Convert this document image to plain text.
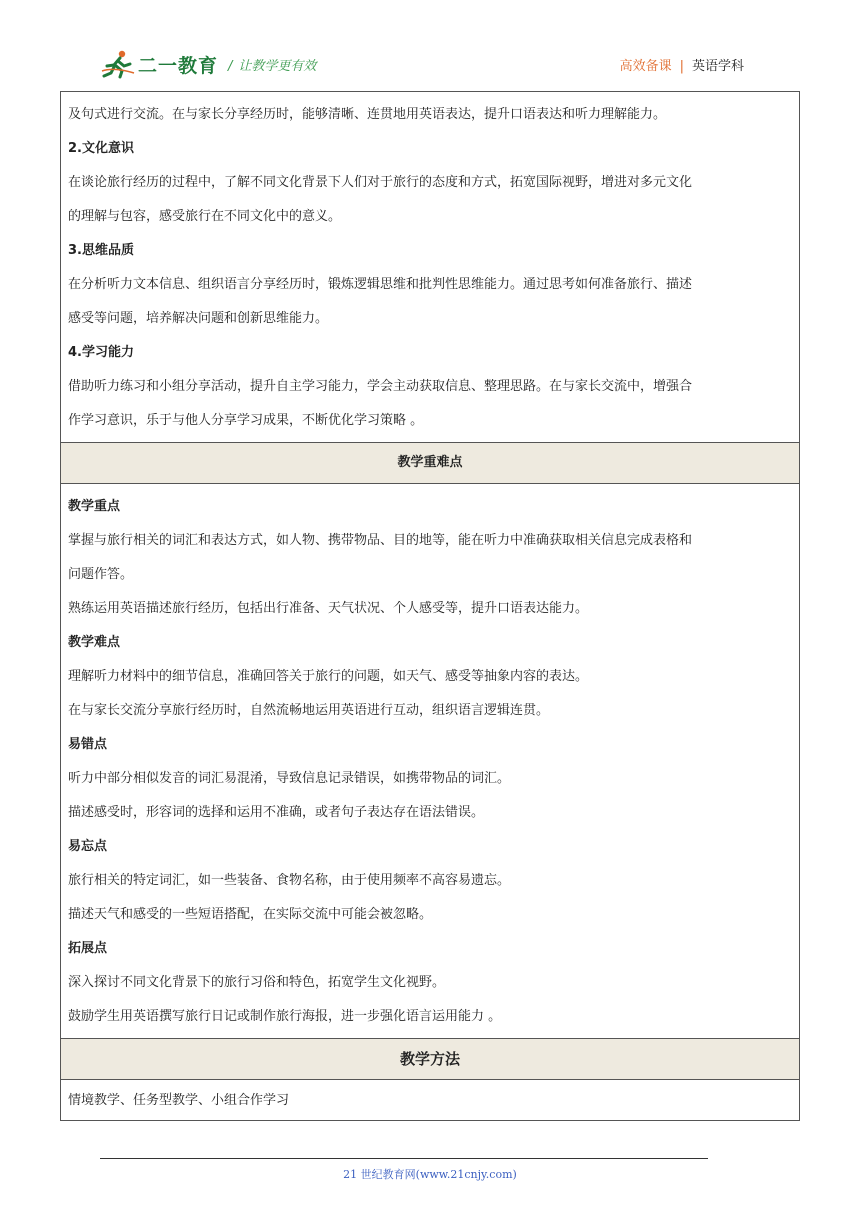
二一教育 / 让教学更有效	高效备课 | 英语学科

及句式进行交流。在与家长分享经历时，能够清晰、连贯地用英语表达，提升口语表达和听力理解能力。

2.文化意识

在谈论旅行经历的过程中，了解不同文化背景下人们对于旅行的态度和方式，拓宽国际视野，增进对多元文化

的理解与包容，感受旅行在不同文化中的意义。

3.思维品质

在分析听力文本信息、组织语言分享经历时，锻炼逻辑思维和批判性思维能力。通过思考如何准备旅行、描述

感受等问题，培养解决问题和创新思维能力。

4.学习能力

借助听力练习和小组分享活动，提升自主学习能力，学会主动获取信息、整理思路。在与家长交流中，增强合

作学习意识，乐于与他人分享学习成果，不断优化学习策略 。

教学重难点

教学重点

掌握与旅行相关的词汇和表达方式，如人物、携带物品、目的地等，能在听力中准确获取相关信息完成表格和

问题作答。

熟练运用英语描述旅行经历，包括出行准备、天气状况、个人感受等，提升口语表达能力。

教学难点

理解听力材料中的细节信息，准确回答关于旅行的问题，如天气、感受等抽象内容的表达。

在与家长交流分享旅行经历时，自然流畅地运用英语进行互动，组织语言逻辑连贯。

易错点

听力中部分相似发音的词汇易混淆，导致信息记录错误，如携带物品的词汇。

描述感受时，形容词的选择和运用不准确，或者句子表达存在语法错误。

易忘点

旅行相关的特定词汇，如一些装备、食物名称，由于使用频率不高容易遗忘。

描述天气和感受的一些短语搭配，在实际交流中可能会被忽略。

拓展点

深入探讨不同文化背景下的旅行习俗和特色，拓宽学生文化视野。

鼓励学生用英语撰写旅行日记或制作旅行海报，进一步强化语言运用能力 。

教学方法

情境教学、任务型教学、小组合作学习

21 世纪教育网(www.21cnjy.com)
